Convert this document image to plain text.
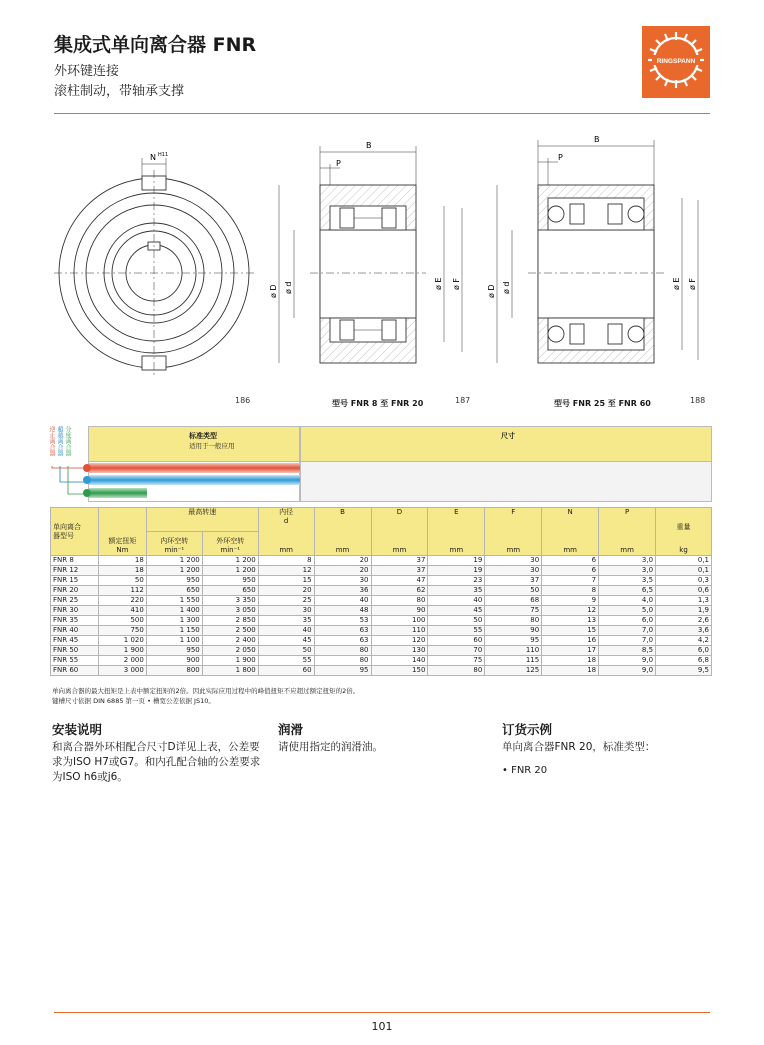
集成式单向离合器 FNR
外环键连接
滚柱制动，带轴承支撑
RINGSPANN
N H11
B
P
ø D ø d	ø E ø F
B
P
ø D ø d	ø E ø F
186	型号 FNR 8 至 FNR 20	187	型号 FNR 25 至 FNR 60	188
逆止离合器 超越离合器 分度离合器	标准类型
适用于一般应用
尺寸
单向离合
器型号		最高转速		内径
d	B	D	E	F	N	P	重量
	额定扭矩
Nm	内环空转
min⁻¹	外环空转
min⁻¹	mm	mm	mm	mm	mm	mm	mm	kg
FNR 8	18	1 200	1 200	8	20	37	19	30	6	3,0	0,1
FNR 12	18	1 200	1 200	12	20	37	19	30	6	3,0	0,1
FNR 15	50	950	950	15	30	47	23	37	7	3,5	0,3
FNR 20	112	650	650	20	36	62	35	50	8	6,5	0,6
FNR 25	220	1 550	3 350	25	40	80	40	68	9	4,0	1,3
FNR 30	410	1 400	3 050	30	48	90	45	75	12	5,0	1,9
FNR 35	500	1 300	2 850	35	53	100	50	80	13	6,0	2,6
FNR 40	750	1 150	2 500	40	63	110	55	90	15	7,0	3,6
FNR 45	1 020	1 100	2 400	45	63	120	60	95	16	7,0	4,2
FNR 50	1 900	950	2 050	50	80	130	70	110	17	8,5	6,0
FNR 55	2 000	900	1 900	55	80	140	75	115	18	9,0	6,8
FNR 60	3 000	800	1 800	60	95	150	80	125	18	9,0	9,5
单向离合器的最大扭矩是上表中额定扭矩的2倍。因此实际应用过程中的峰值扭矩不应超过额定扭矩的2倍。
键槽尺寸依据 DIN 6885 第一页 • 槽宽公差依据 JS10。
安装说明
和离合器外环相配合尺寸D详见上表，公差要求为ISO H7或G7。和内孔配合轴的公差要求为ISO h6或j6。
润滑
请使用指定的润滑油。
订货示例
单向离合器FNR 20，标准类型：
• FNR 20
101
